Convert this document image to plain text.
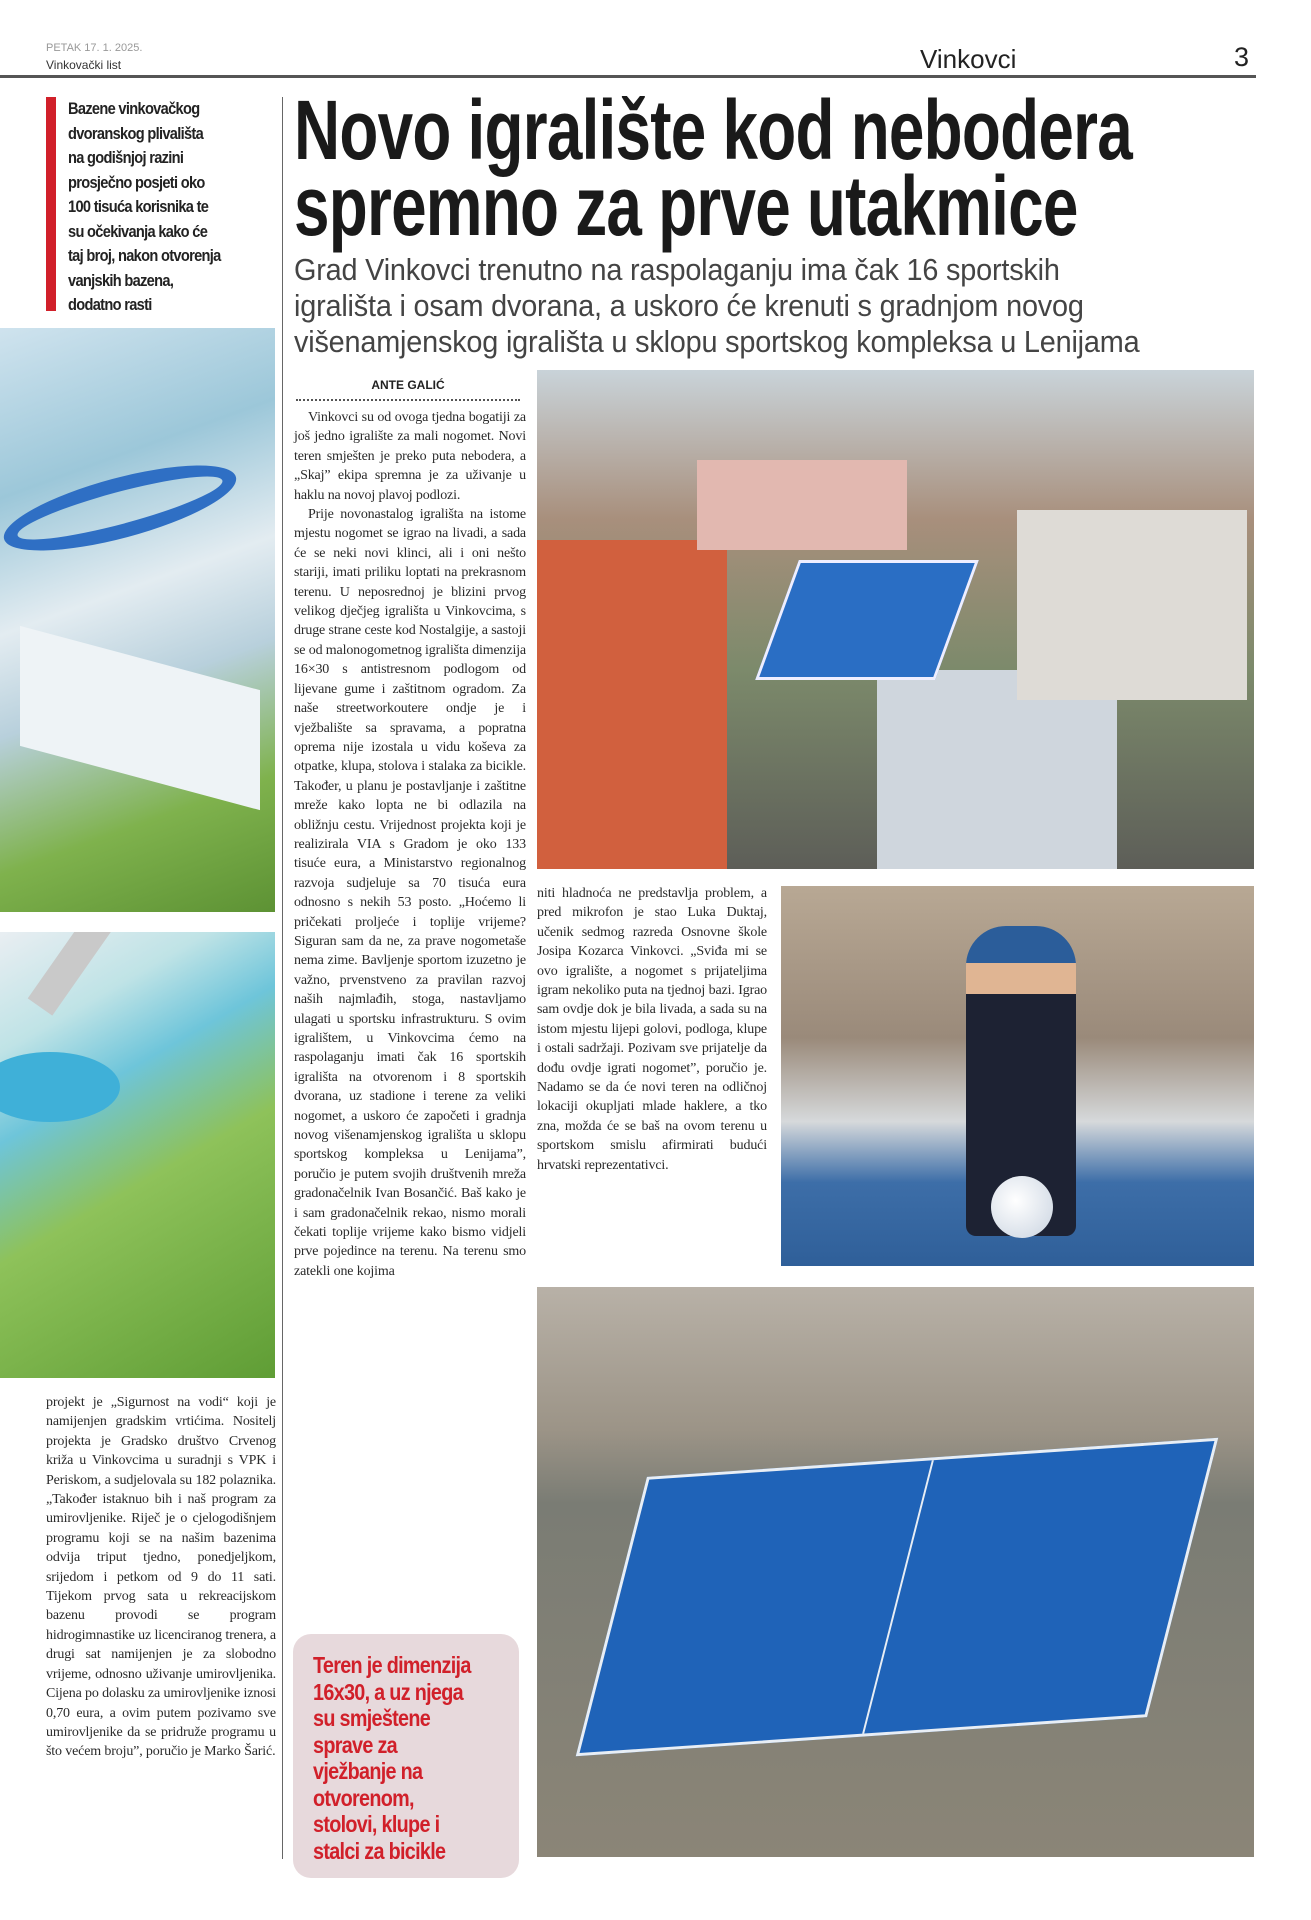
PETAK 17. 1. 2025.
Vinkovački list	Vinkovci	3
Bazene vinkovačkog
dvoranskog plivališta
na godišnjoj razini
prosječno posjeti oko
100 tisuća korisnika te
su očekivanja kako će
taj broj, nakon otvorenja
vanjskih bazena,
dodatno rasti

projekt je „Sigurnost na vodi“ koji je namijenjen gradskim vrtićima. Nositelj projekta je Gradsko društvo Crvenog križa u Vinkovcima u suradnji s VPK i Periskom, a sudjelovala su 182 polaznika. „Također istaknuo bih i naš program za umirovljenike. Riječ je o cjelogodišnjem programu koji se na našim bazenima odvija triput tjedno, ponedjeljkom, srijedom i petkom od 9 do 11 sati. Tijekom prvog sata u rekreacijskom bazenu provodi se program hidrogimnastike uz licenciranog trenera, a drugi sat namijenjen je za slobodno vrijeme, odnosno uživanje umirovljenika. Cijena po dolasku za umirovljenike iznosi 0,70 eura, a ovim putem pozivamo sve umirovljenike da se pridruže programu u što većem broju”, poručio je Marko Šarić.

Novo igralište kod nebodera
spremno za prve utakmice
Grad Vinkovci trenutno na raspolaganju ima čak 16 sportskih
igrališta i osam dvorana, a uskoro će krenuti s gradnjom novog
višenamjenskog igrališta u sklopu sportskog kompleksa u Lenijama
ANTE GALIĆ

Vinkovci su od ovoga tjedna bogatiji za još jedno igralište za mali nogomet. Novi teren smješten je preko puta nebodera, a „Skaj” ekipa spremna je za uživanje u haklu na novoj plavoj podlozi.

Prije novonastalog igrališta na istome mjestu nogomet se igrao na livadi, a sada će se neki novi klinci, ali i oni nešto stariji, imati priliku loptati na prekrasnom terenu. U neposrednoj je blizini prvog velikog dječjeg igrališta u Vinkovcima, s druge strane ceste kod Nostalgije, a sastoji se od malonogometnog igrališta dimenzija 16×30 s antistresnom podlogom od lijevane gume i zaštitnom ogradom. Za naše streetworkoutere ondje je i vježbalište sa spravama, a popratna oprema nije izostala u vidu koševa za otpatke, klupa, stolova i stalaka za bicikle. Također, u planu je postavljanje i zaštitne mreže kako lopta ne bi odlazila na obližnju cestu. Vrijednost projekta koji je realizirala VIA s Gradom je oko 133 tisuće eura, a Ministarstvo regionalnog razvoja sudjeluje sa 70 tisuća eura odnosno s nekih 53 posto. „Hoćemo li pričekati proljeće i toplije vrijeme? Siguran sam da ne, za prave nogometaše nema zime. Bavljenje sportom izuzetno je važno, prvenstveno za pravilan razvoj naših najmlađih, stoga, nastavljamo ulagati u sportsku infrastrukturu. S ovim igralištem, u Vinkovcima ćemo na raspolaganju imati čak 16 sportskih igrališta na otvorenom i 8 sportskih dvorana, uz stadione i terene za veliki nogomet, a uskoro će započeti i gradnja novog višenamjenskog igrališta u sklopu sportskog kompleksa u Lenijama”, poručio je putem svojih društvenih mreža gradonačelnik Ivan Bosančić. Baš kako je i sam gradonačelnik rekao, nismo morali čekati toplije vrijeme kako bismo vidjeli prve pojedince na terenu. Na terenu smo zatekli one kojima

Teren je dimenzija
16x30, a uz njega
su smještene
sprave za
vježbanje na
otvorenom,
stolovi, klupe i
stalci za bicikle

niti hladnoća ne predstavlja problem, a pred mikrofon je stao Luka Duktaj, učenik sedmog razreda Osnovne škole Josipa Kozarca Vinkovci. „Sviđa mi se ovo igralište, a nogomet s prijateljima igram nekoliko puta na tjednoj bazi. Igrao sam ovdje dok je bila livada, a sada su na istom mjestu lijepi golovi, podloga, klupe i ostali sadržaji. Pozivam sve prijatelje da dođu ovdje igrati nogomet”, poručio je. Nadamo se da će novi teren na odličnoj lokaciji okupljati mlade haklere, a tko zna, možda će se baš na ovom terenu u sportskom smislu afirmirati budući hrvatski reprezentativci.
